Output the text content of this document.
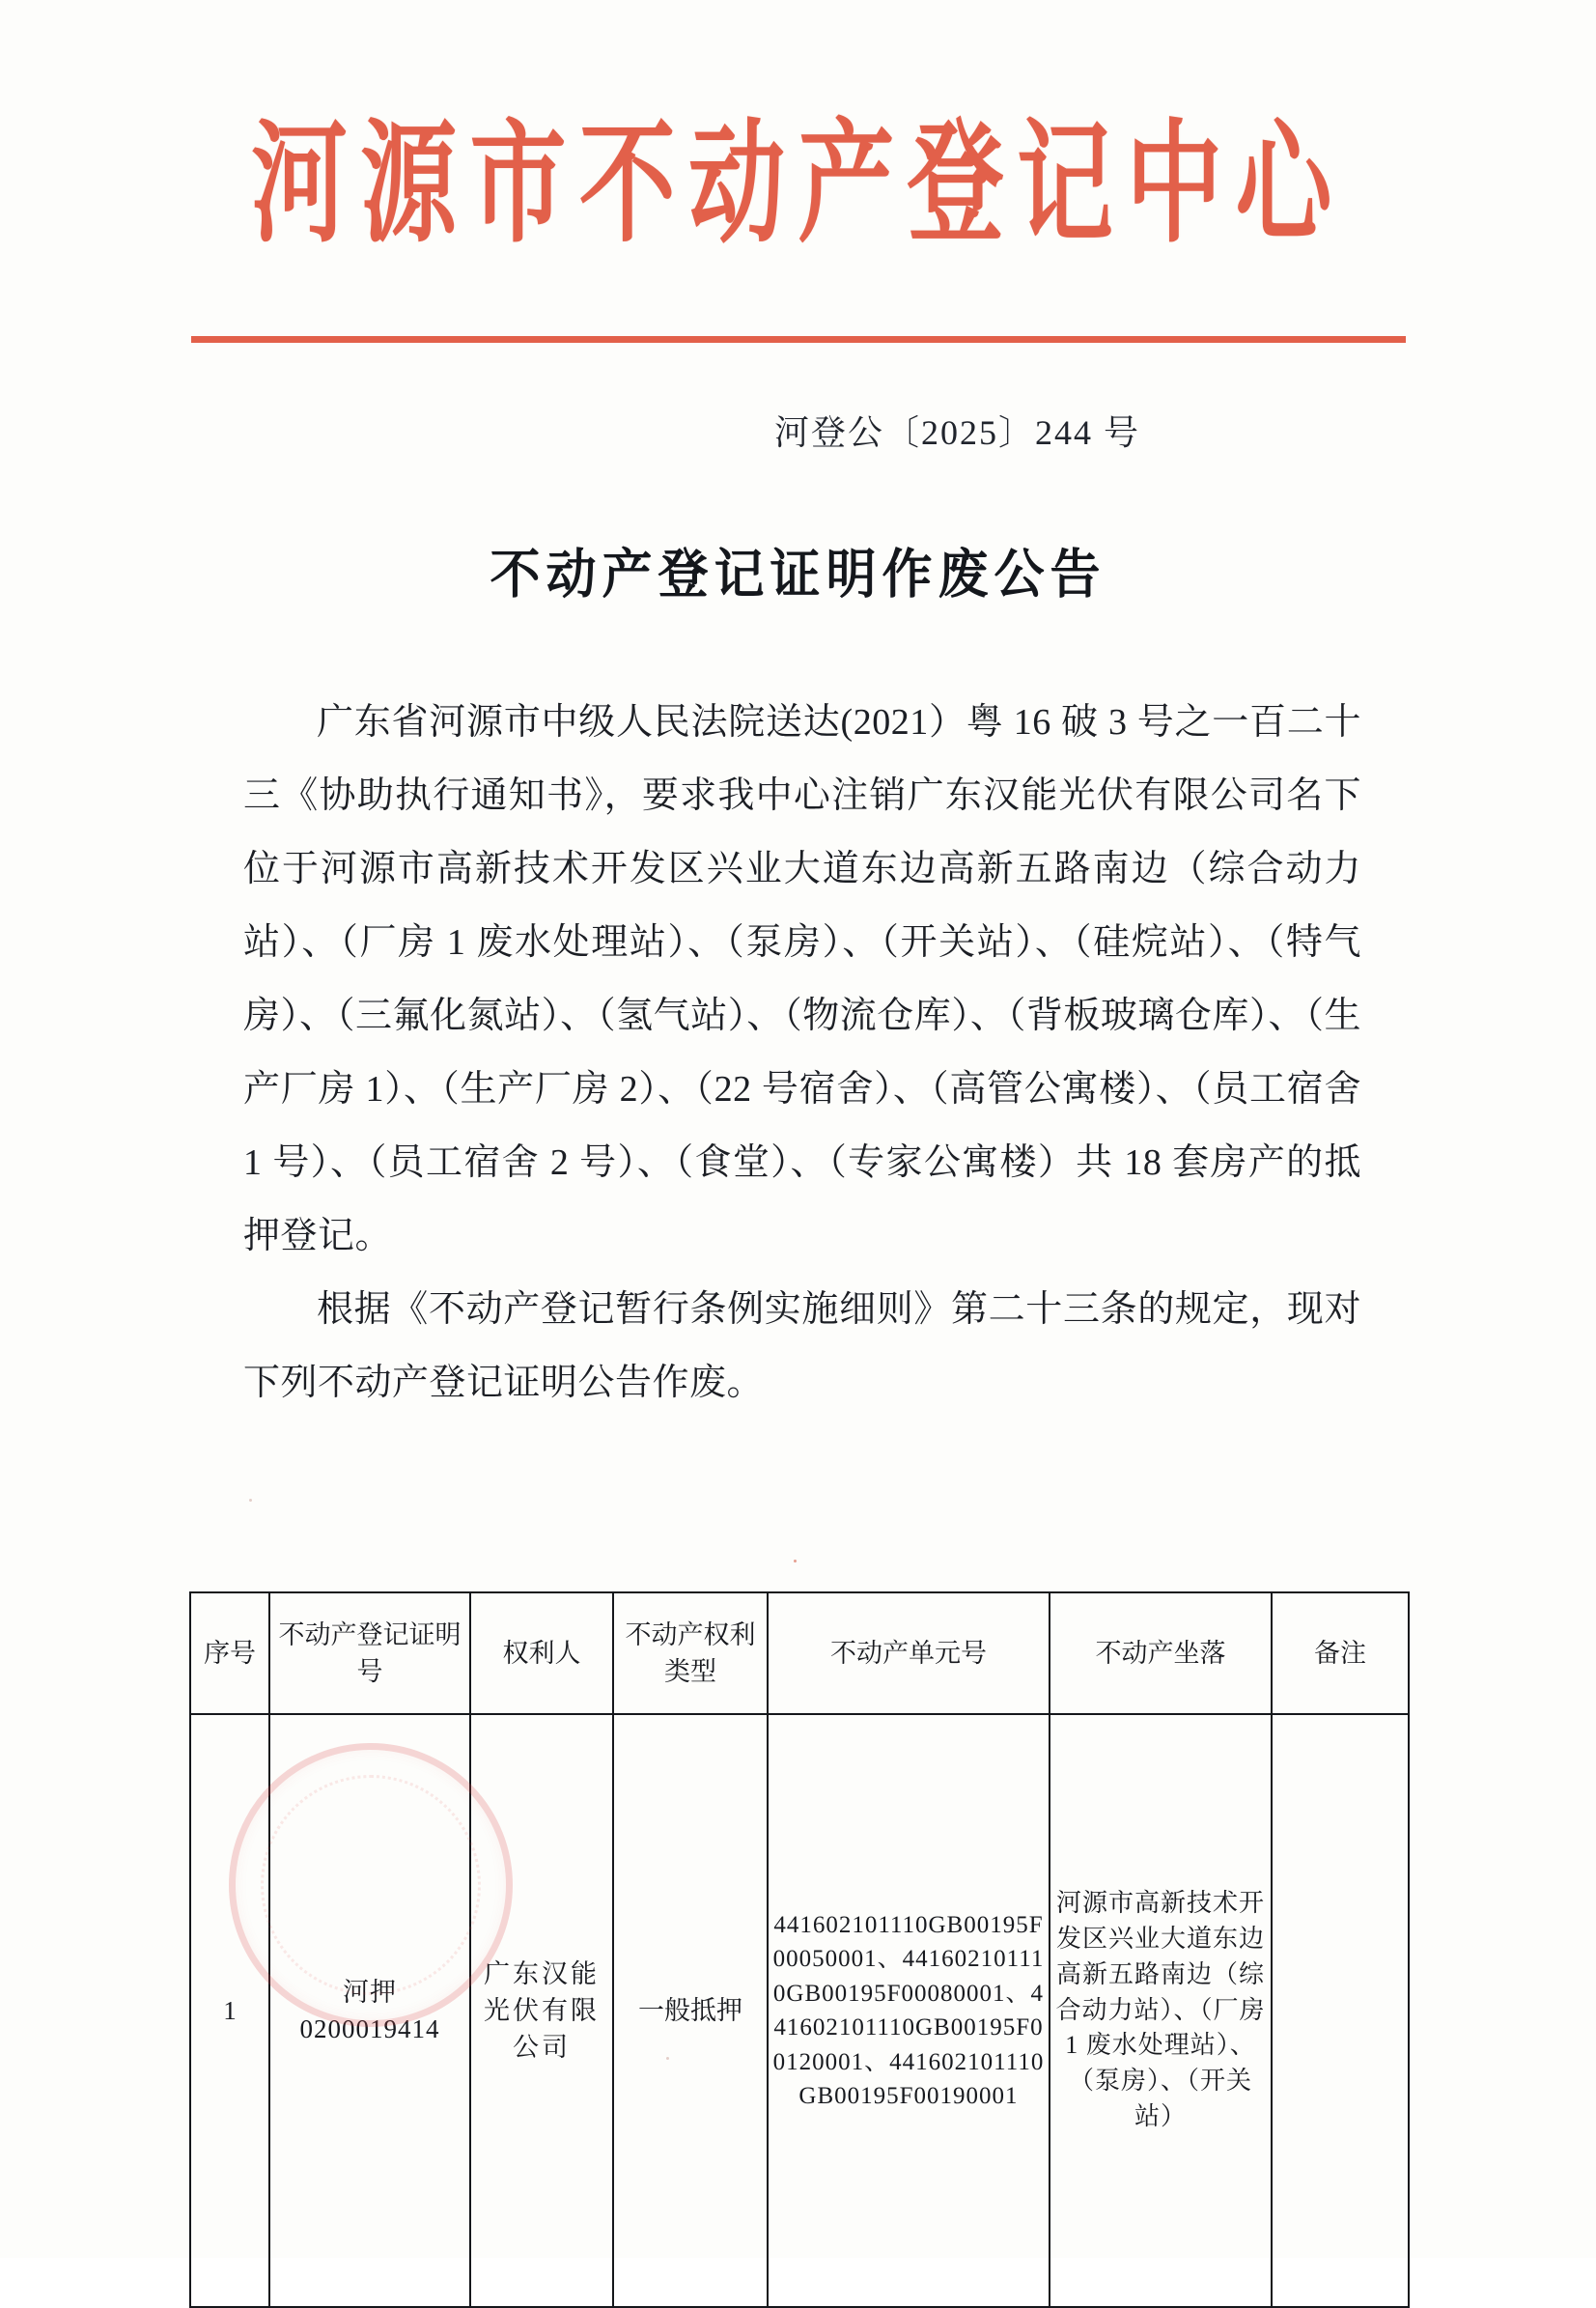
河源市不动产登记中心
河登公〔2025〕244 号
不动产登记证明作废公告

广东省河源市中级人民法院送达(2021）粤 16 破 3 号之一百二十三《协助执行通知书》，要求我中心注销广东汉能光伏有限公司名下位于河源市高新技术开发区兴业大道东边高新五路南边（综合动力站）、（厂房 1 废水处理站）、（泵房）、（开关站）、（硅烷站）、（特气房）、（三氟化氮站）、（氢气站）、（物流仓库）、（背板玻璃仓库）、（生产厂房 1）、（生产厂房 2）、（22 号宿舍）、（高管公寓楼）、（员工宿舍 1 号）、（员工宿舍 2 号）、（食堂）、（专家公寓楼）共 18 套房产的抵押登记。

根据《不动产登记暂行条例实施细则》第二十三条的规定，现对下列不动产登记证明公告作废。

序号	不动产登记证明号	权利人	不动产权利类型	不动产单元号	不动产坐落	备注
1	河押 0200019414	广东汉能光伏有限公司	一般抵押	441602101110GB00195F00050001、441602101110GB00195F00080001、441602101110GB00195F00120001、441602101110GB00195F00190001	河源市高新技术开发区兴业大道东边高新五路南边（综合动力站）、（厂房 1 废水处理站）、（泵房）、（开关站）	
